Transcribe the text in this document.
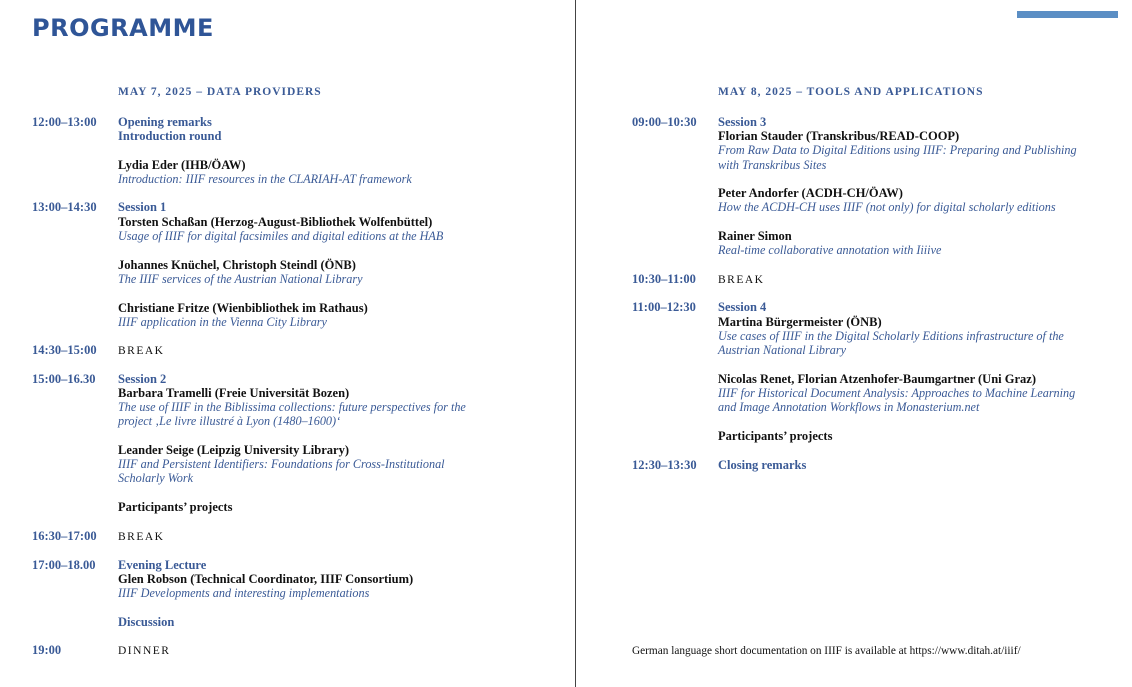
PROGRAMME
MAY 7, 2025 – DATA PROVIDERS
12:00–13:00 Opening remarks
Introduction round
Lydia Eder (IHB/ÖAW)
Introduction: IIIF resources in the CLARIAH-AT framework
13:00–14:30 Session 1
Torsten Schaßan (Herzog-August-Bibliothek Wolfenbüttel)
Usage of IIIF for digital facsimiles and digital editions at the HAB
Johannes Knüchel, Christoph Steindl (ÖNB)
The IIIF services of the Austrian National Library
Christiane Fritze (Wienbibliothek im Rathaus)
IIIF application in the Vienna City Library
14:30–15:00 BREAK
15:00–16.30 Session 2
Barbara Tramelli (Freie Universität Bozen)
The use of IIIF in the Biblissima collections: future perspectives for the
project ‚Le livre illustré à Lyon (1480–1600)‘
Leander Seige (Leipzig University Library)
IIIF and Persistent Identifiers: Foundations for Cross-Institutional
Scholarly Work
Participants’ projects
16:30–17:00 BREAK
17:00–18.00 Evening Lecture
Glen Robson (Technical Coordinator, IIIF Consortium)
IIIF Developments and interesting implementations
Discussion
19:00	DINNER
MAY 8, 2025 – TOOLS AND APPLICATIONS
09:00–10:30 Session 3
Florian Stauder (Transkribus/READ-COOP)
From Raw Data to Digital Editions using IIIF: Preparing and Publishing
with Transkribus Sites
Peter Andorfer (ACDH-CH/ÖAW)
How the ACDH-CH uses IIIF (not only) for digital scholarly editions
Rainer Simon
Real-time collaborative annotation with Iiiive
10:30–11:00 BREAK
11:00–12:30 Session 4
Martina Bürgermeister (ÖNB)
Use cases of IIIF in the Digital Scholarly Editions infrastructure of the
Austrian National Library
Nicolas Renet, Florian Atzenhofer-Baumgartner (Uni Graz)
IIIF for Historical Document Analysis: Approaches to Machine Learning
and Image Annotation Workflows in Monasterium.net
Participants’ projects
12:30–13:30 Closing remarks
German language short documentation on IIIF is available at https://www.ditah.at/iiif/
